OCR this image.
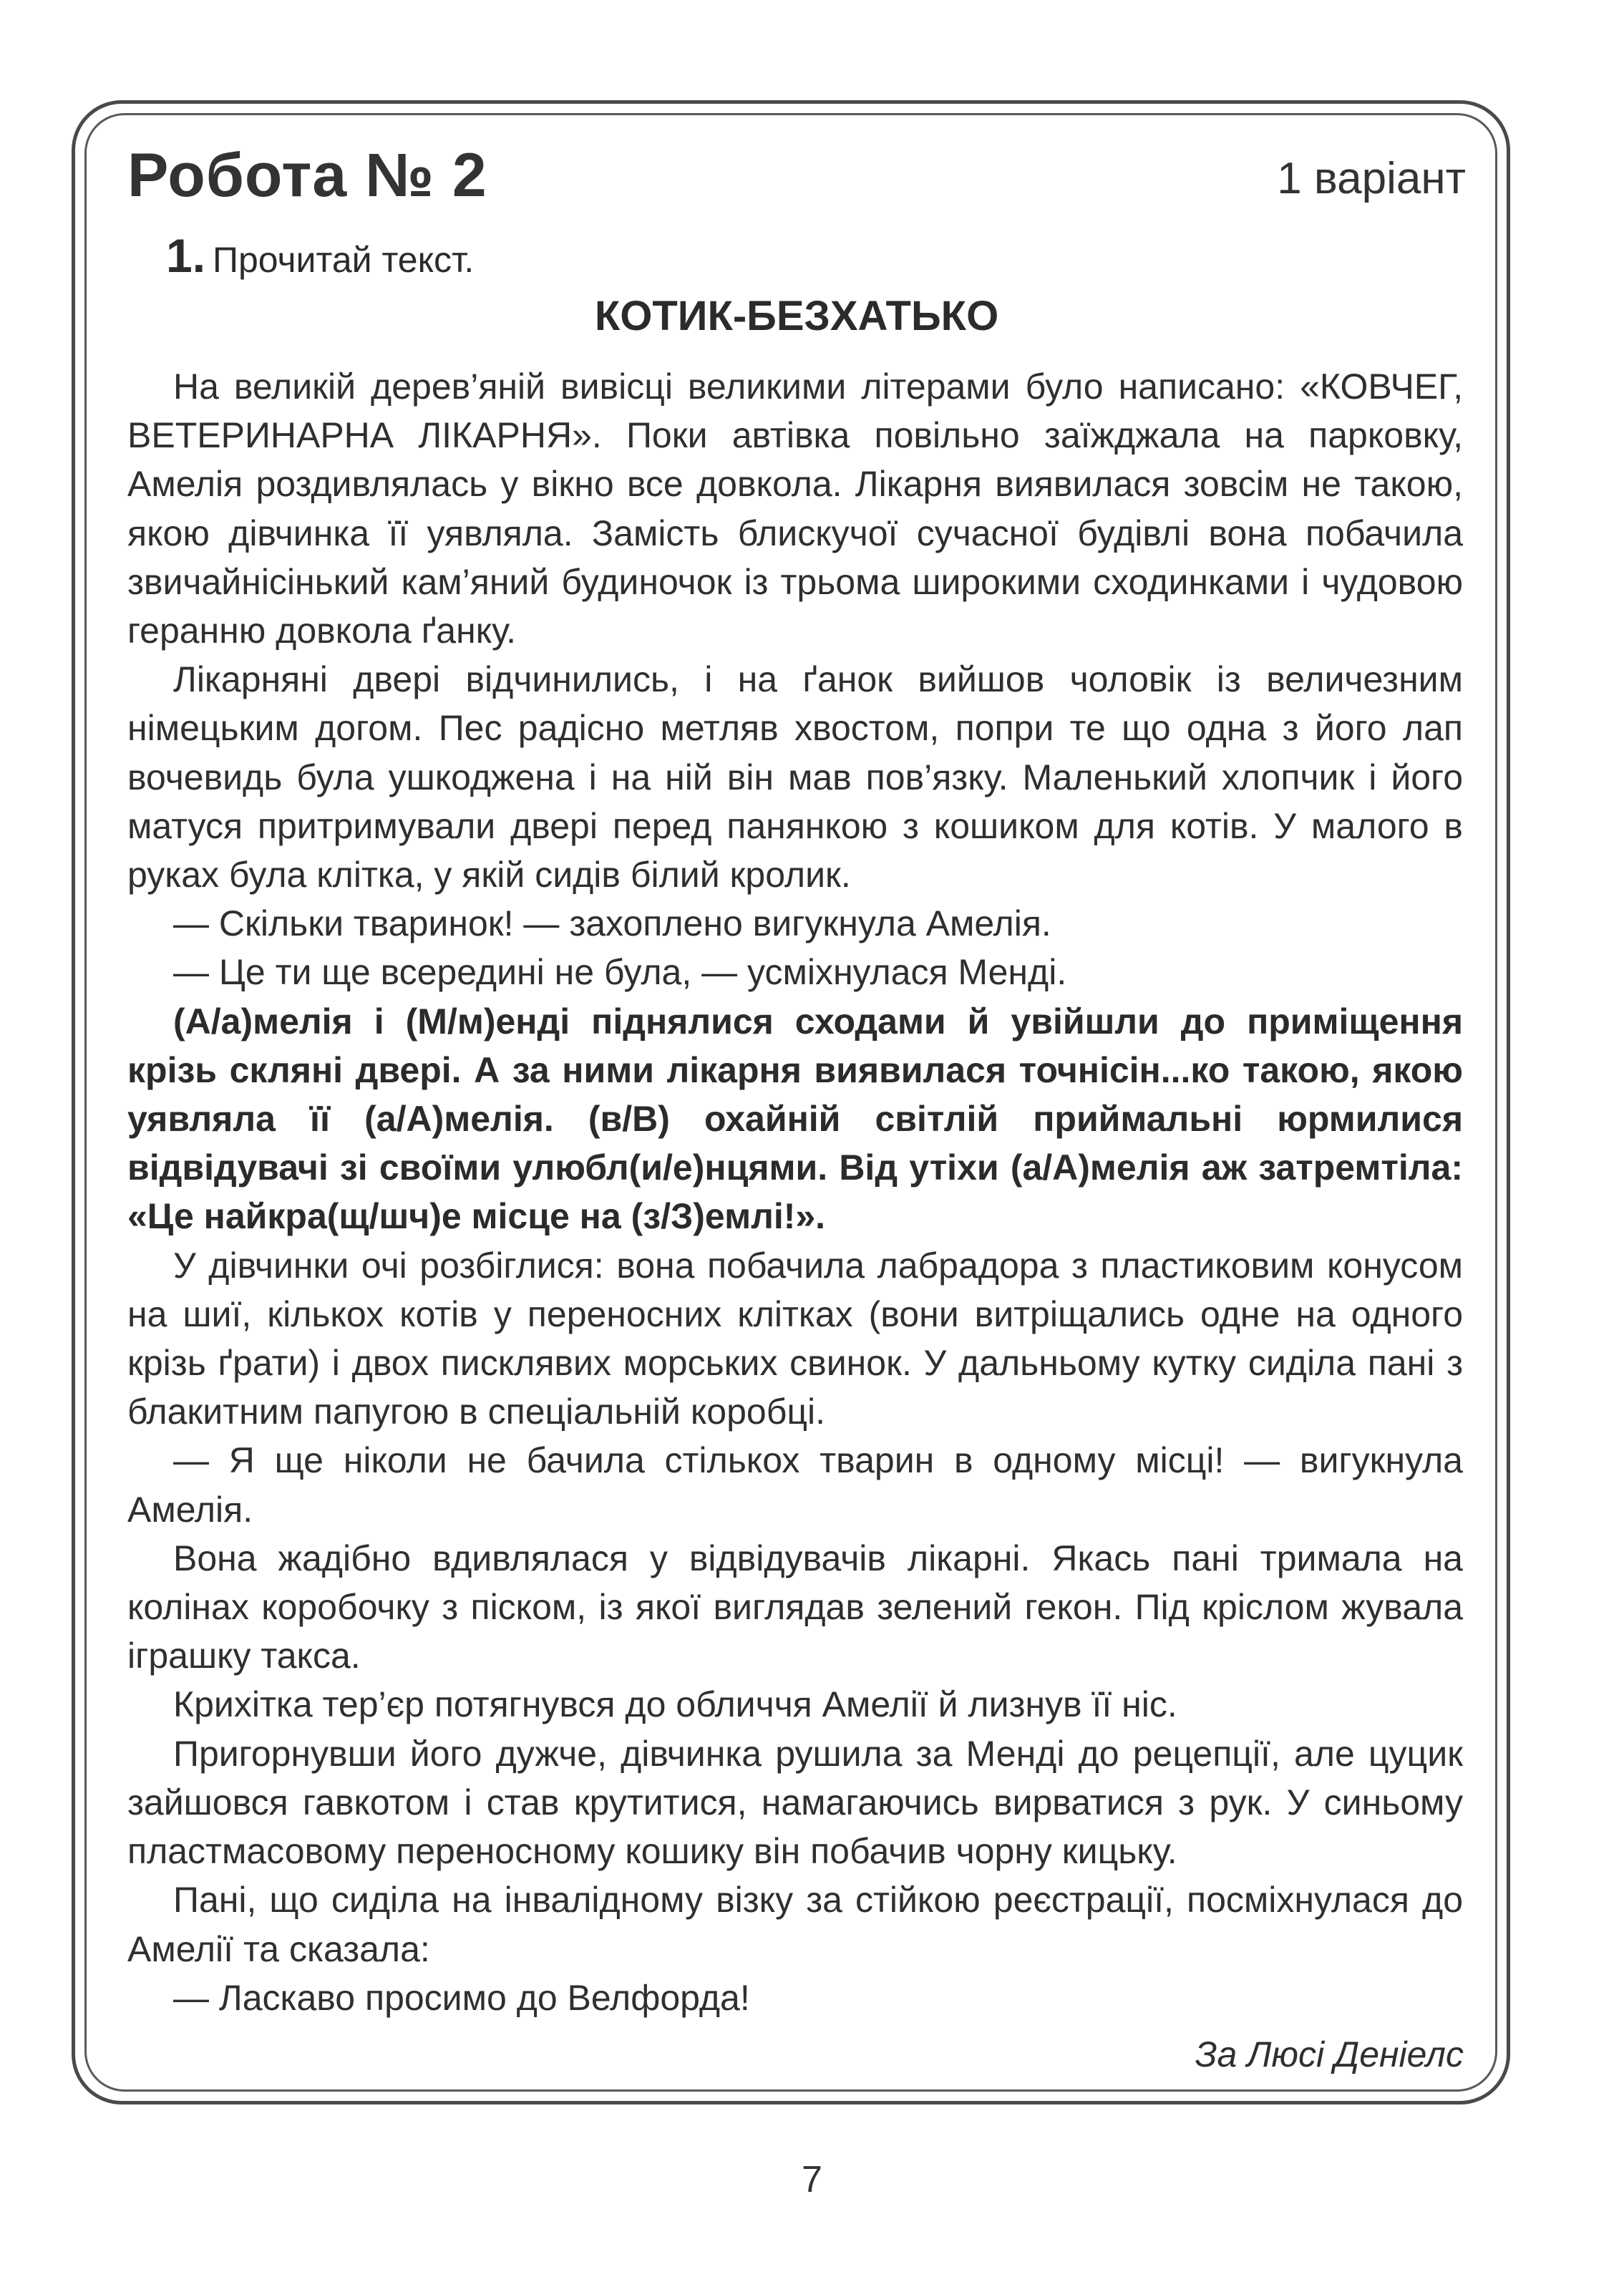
Робота № 2	1 варіант
1. Прочитай текст.
КОТИК-БЕЗХАТЬКО

На великій дерев’яній вивісці великими літерами було написано: «КОВЧЕГ, ВЕТЕРИНАРНА ЛІКАРНЯ». Поки автівка повільно заїжджала на парковку, Амелія роздивлялась у вікно все довкола. Лікарня виявилася зовсім не такою, якою дівчинка її уявляла. Замість блискучої сучасної будівлі вона побачила звичайнісінький кам’яний будиночок із трьома широкими сходинками і чудовою геранню довкола ґанку.

Лікарняні двері відчинились, і на ґанок вийшов чоловік із величезним німецьким догом. Пес радісно метляв хвостом, попри те що одна з його лап вочевидь була ушкоджена і на ній він мав пов’язку. Маленький хлопчик і його матуся притримували двері перед панянкою з кошиком для котів. У малого в руках була клітка, у якій сидів білий кролик.

— Скільки тваринок! — захоплено вигукнула Амелія.

— Це ти ще всередині не була, — усміхнулася Менді.

(А/а)мелія і (М/м)енді піднялися сходами й увійшли до приміщення крізь скляні двері. А за ними лікарня виявилася точнісін...ко такою, якою уявляла її (а/А)мелія. (в/В) охайній світлій приймальні юрмилися відвідувачі зі своїми улюбл(и/е)нцями. Від утіхи (а/А)мелія аж затремтіла: «Це найкра(щ/шч)е місце на (з/З)емлі!».

У дівчинки очі розбіглися: вона побачила лабрадора з пластиковим конусом на шиї, кількох котів у переносних клітках (вони витріщались одне на одного крізь ґрати) і двох писклявих морських свинок. У дальньому кутку сиділа пані з блакитним папугою в спеціальній коробці.

— Я ще ніколи не бачила стількох тварин в одному місці! — вигукнула Амелія.

Вона жадібно вдивлялася у відвідувачів лікарні. Якась пані тримала на колінах коробочку з піском, із якої виглядав зелений гекон. Під кріслом жувала іграшку такса.

Крихітка тер’єр потягнувся до обличчя Амелії й лизнув її ніс.

Пригорнувши його дужче, дівчинка рушила за Менді до рецепції, але цуцик зайшовся гавкотом і став крутитися, намагаючись вирватися з рук. У синьому пластмасовому переносному кошику він побачив чорну кицьку.

Пані, що сиділа на інвалідному візку за стійкою реєстрації, посміхнулася до Амелії та сказала:

— Ласкаво просимо до Велфорда!

За Люсі Деніелс
7
